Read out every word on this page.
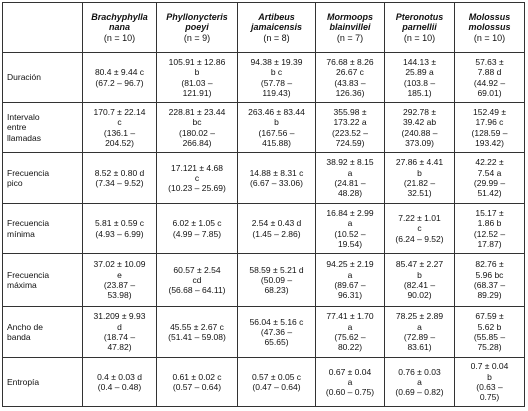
	Brachyphylla
nana
(n = 10)	Phyllonycteris
poeyi
(n = 9)	Artibeus
jamaicensis
(n = 8)	Mormoops
blainvillei
(n = 7)	Pteronotus
parnellii
(n = 10)	Molossus
molossus
(n = 10)

Duración	80.4 ± 9.44 c
(67.2 – 96.7)	105.91 ± 12.86
b
(81.03 –
121.91)	94.38 ± 19.39
b c
(57.78 –
119.43)	76.68 ± 8.26
26.67 c
(43.83 –
126.36)	144.13 ±
25.89 a
(103.8 –
185.1)	57.63 ±
7.88 d
(44.92 –
69.01)

Intervalo
entre
llamadas	170.7 ± 22.14
c
(136.1 –
204.52)	228.81 ± 23.44
bc
(180.02 –
266.84)	263.46 ± 83.44
b
(167.56 –
415.88)	355.98 ±
173.22 a
(223.52 –
724.59)	292.78 ±
39.42 ab
(240.88 –
373.09)	152.49 ±
17.96 c
(128.59 –
193.42)

Frecuencia
pico	8.52 ± 0.80 d
(7.34 – 9.52)	17.121 ± 4.68
c
(10.23 – 25.69)	14.88 ± 8.31 c
(6.67 – 33.06)	38.92 ± 8.15
a
(24.81 –
48.28)	27.86 ± 4.41
b
(21.82 –
32.51)	42.22 ±
7.54 a
(29.99 –
51.42)

Frecuencia
mínima	5.81 ± 0.59 c
(4.93 – 6.99)	6.02 ± 1.05 c
(4.99 – 7.85)	2.54 ± 0.43 d
(1.45 – 2.86)	16.84 ± 2.99
a
(10.52 –
19.54)	7.22 ± 1.01
c
(6.24 – 9.52)	15.17 ±
1.86 b
(12.52 –
17.87)

Frecuencia
máxima	37.02 ± 10.09
e
(23.87 –
53.98)	60.57 ± 2.54
cd
(56.68 – 64.11)	58.59 ± 5.21 d
(50.09 –
68.23)	94.25 ± 2.19
a
(89.67 –
96.31)	85.47 ± 2.27
b
(82.41 –
90.02)	82.76 ±
5.96 bc
(68.37 –
89.29)

Ancho de
banda	31.209 ± 9.93
d
(18.74 –
47.82)	45.55 ± 2.67 c
(51.41 – 59.08)	56.04 ± 5.16 c
(47.36 –
65.65)	77.41 ± 1.70
a
(75.62 –
80.22)	78.25 ± 2.89
a
(72.89 –
83.61)	67.59 ±
5.62 b
(55.85 –
75.28)

Entropía	0.4 ± 0.03 d
(0.4 – 0.48)	0.61 ± 0.02 c
(0.57 – 0.64)	0.57 ± 0.05 c
(0.47 – 0.64)	0.67 ± 0.04
a
(0.60 – 0.75)	0.76 ± 0.03
a
(0.69 – 0.82)	0.7 ± 0.04
b
(0.63 –
0.75)
